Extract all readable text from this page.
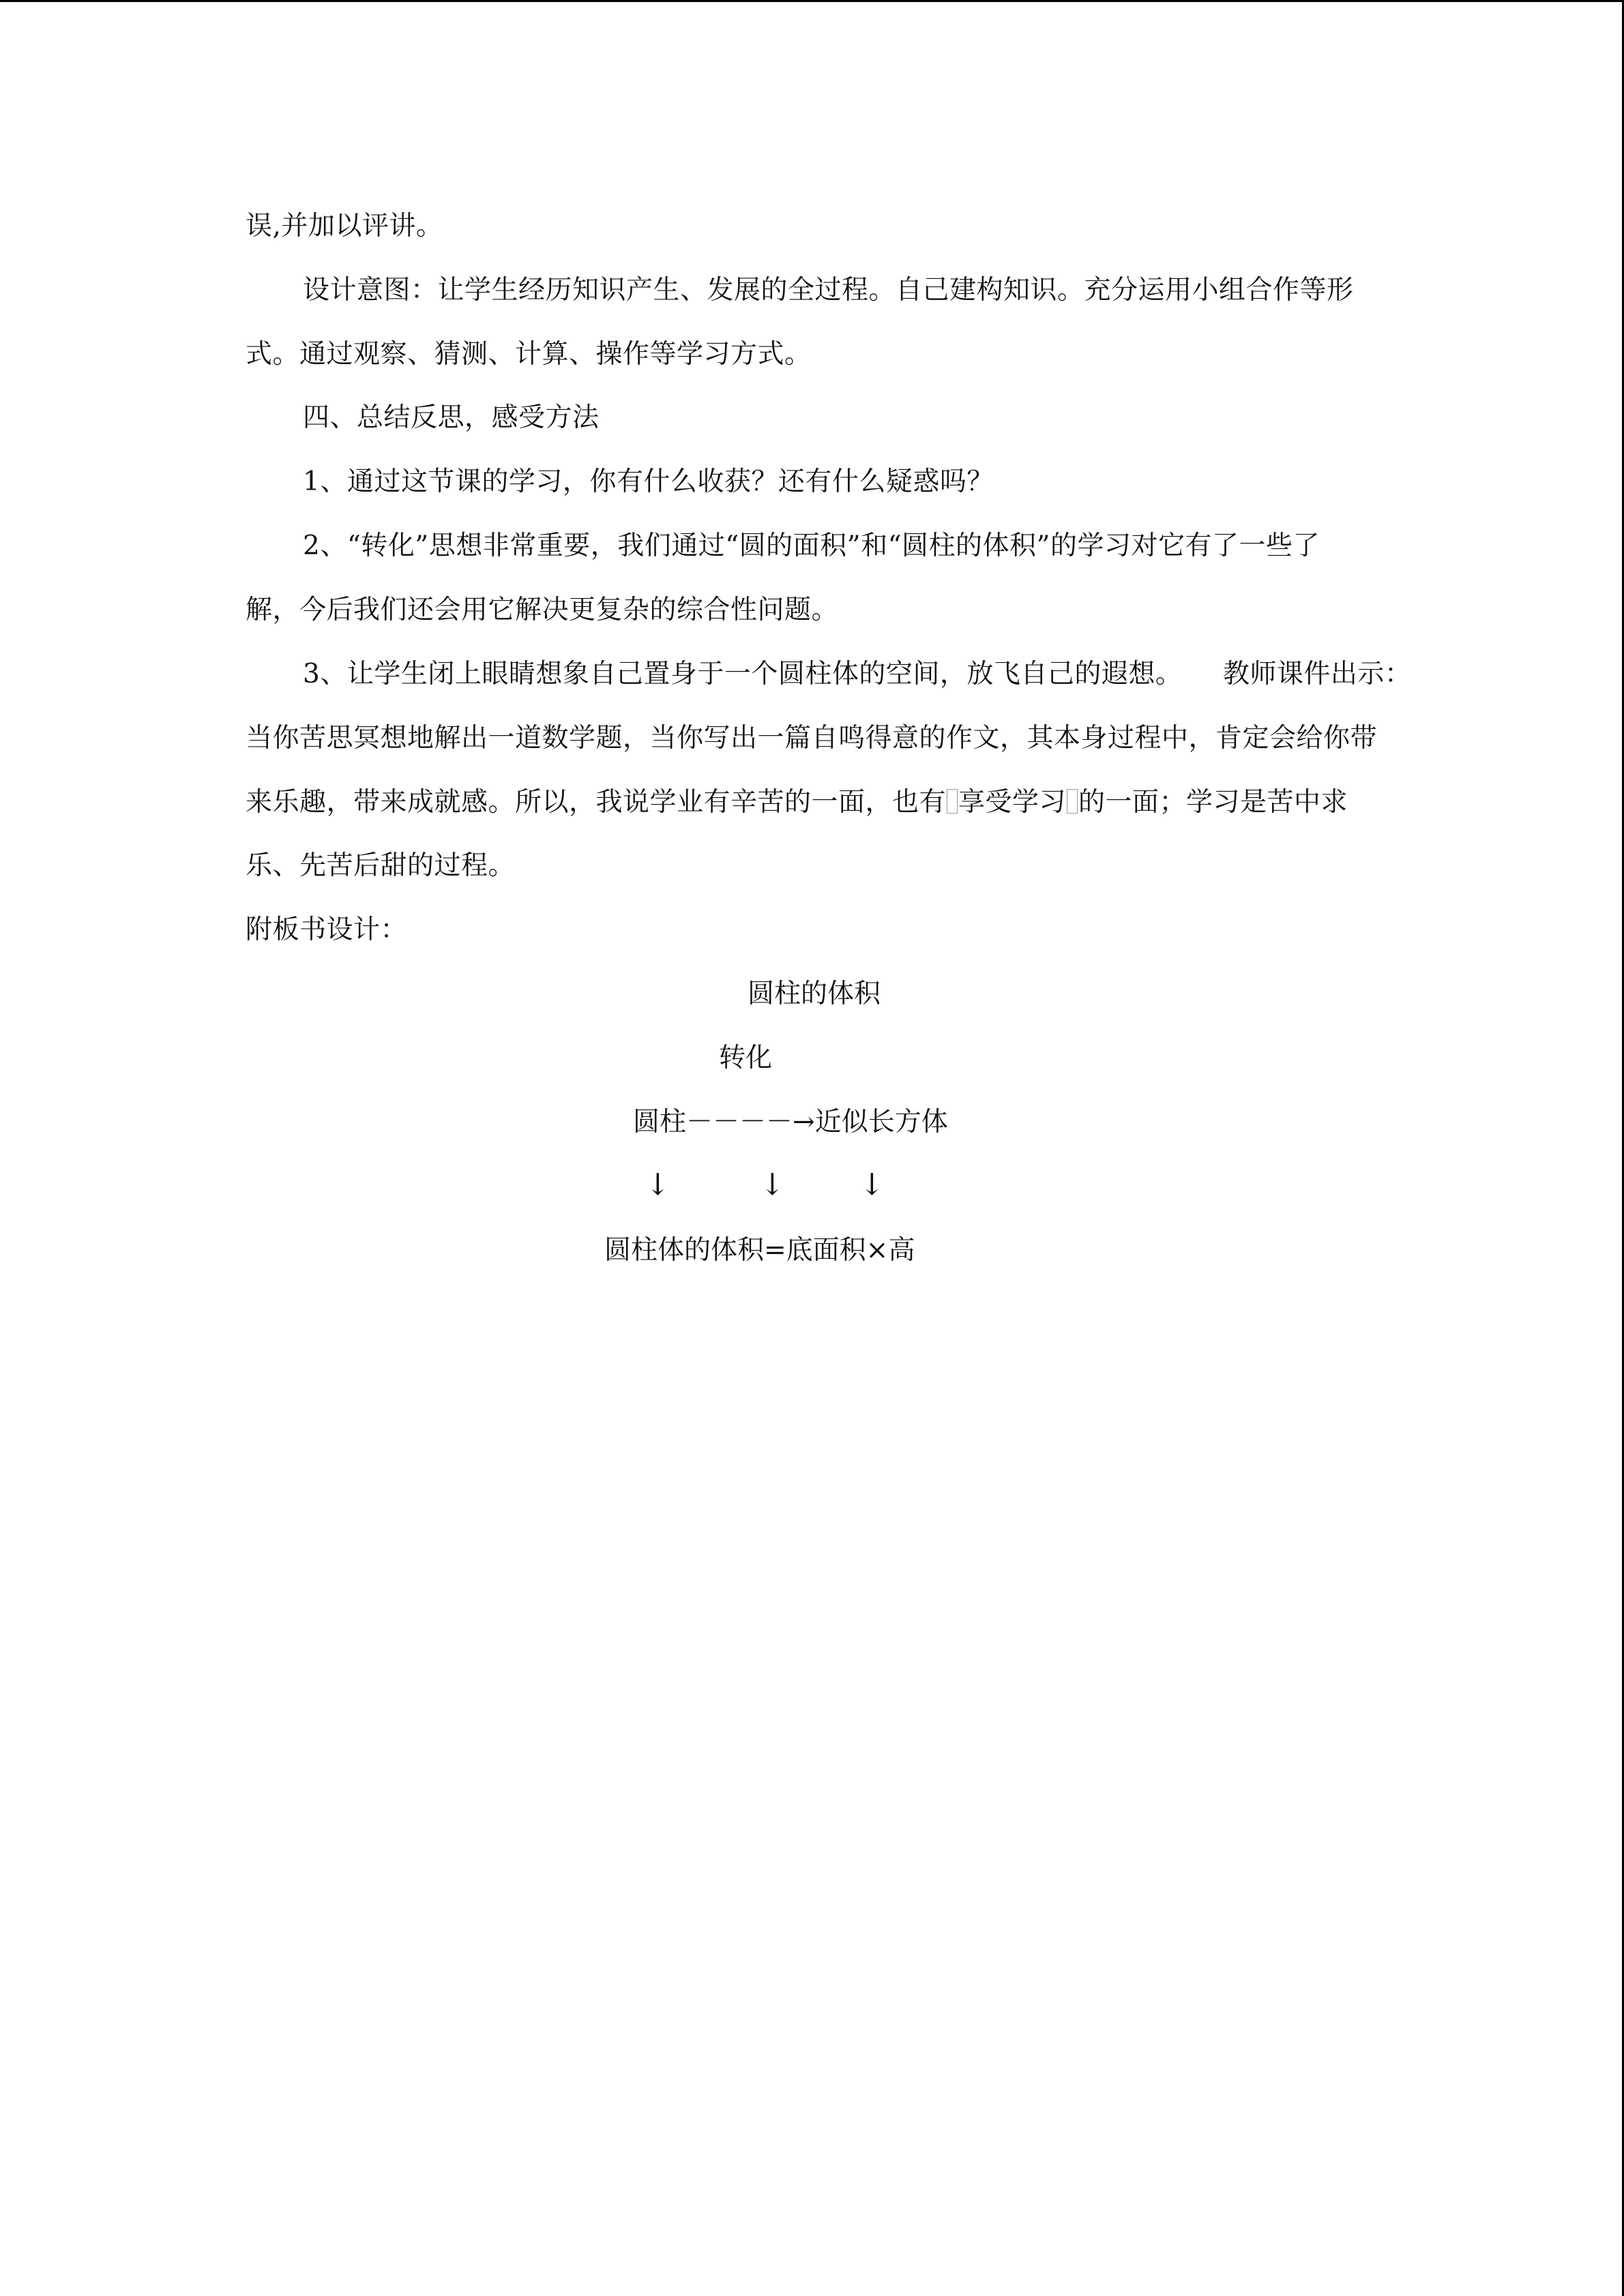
误,并加以评讲。
设计意图：让学生经历知识产生、发展的全过程。自己建构知识。充分运用小组合作等形
式。通过观察、猜测、计算、操作等学习方式。
四、总结反思，感受方法
1、通过这节课的学习，你有什么收获？还有什么疑惑吗？
2、“转化”思想非常重要，我们通过“圆的面积”和“圆柱的体积”的学习对它有了一些了
解，今后我们还会用它解决更复杂的综合性问题。
3、让学生闭上眼睛想象自己置身于一个圆柱体的空间，放飞自己的遐想。　　教师课件出示：
当你苦思冥想地解出一道数学题，当你写出一篇自鸣得意的作文，其本身过程中，肯定会给你带
来乐趣，带来成就感。所以，我说学业有辛苦的一面，也有 享受学习 的一面；学习是苦中求
乐、先苦后甜的过程。
附板书设计：
圆柱的体积
转化
圆柱－－－－→近似长方体
↓	↓ ↓
圆柱体的体积=底面积×高
